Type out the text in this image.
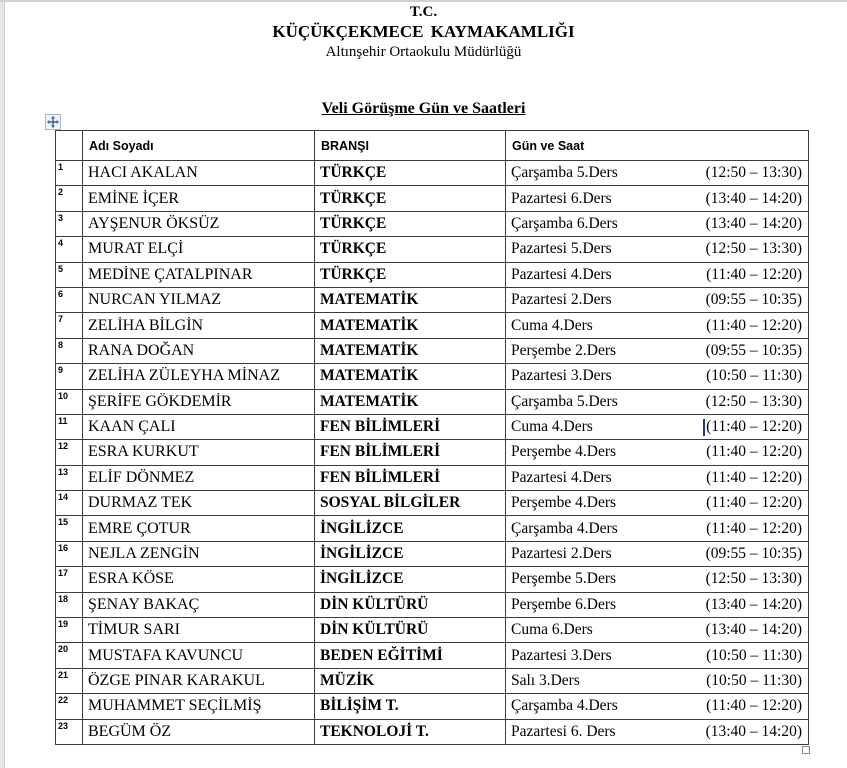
T.C.
KÜÇÜKÇEKMECE KAYMAKAMLIĞI
Altınşehir Ortaokulu Müdürlüğü
Veli Görüşme Gün ve Saatleri
	Adı Soyadı	BRANŞI	Gün ve Saat
1	HACI AKALAN	TÜRKÇE	Çarşamba 5.Ders (12:50 – 13:30)

2	EMİNE İÇER	TÜRKÇE	Pazartesi 6.Ders (13:40 – 14:20)

3	AYŞENUR ÖKSÜZ	TÜRKÇE	Çarşamba 6.Ders (13:40 – 14:20)

4	MURAT ELÇİ	TÜRKÇE	Pazartesi 5.Ders (12:50 – 13:30)

5	MEDİNE ÇATALPINAR	TÜRKÇE	Pazartesi 4.Ders (11:40 – 12:20)

6	NURCAN YILMAZ	MATEMATİK	Pazartesi 2.Ders (09:55 – 10:35)

7	ZELİHA BİLGİN	MATEMATİK	Cuma 4.Ders (11:40 – 12:20)

8	RANA DOĞAN	MATEMATİK	Perşembe 2.Ders (09:55 – 10:35)

9	ZELİHA ZÜLEYHA MİNAZ	MATEMATİK	Pazartesi 3.Ders (10:50 – 11:30)

10	ŞERİFE GÖKDEMİR	MATEMATİK	Çarşamba 5.Ders (12:50 – 13:30)

11	KAAN ÇALI	FEN BİLİMLERİ	Cuma 4.Ders (11:40 – 12:20)

12	ESRA KURKUT	FEN BİLİMLERİ	Perşembe 4.Ders (11:40 – 12:20)

13	ELİF DÖNMEZ	FEN BİLİMLERİ	Pazartesi 4.Ders (11:40 – 12:20)

14	DURMAZ TEK	SOSYAL BİLGİLER	Perşembe 4.Ders (11:40 – 12:20)

15	EMRE ÇOTUR	İNGİLİZCE	Çarşamba 4.Ders (11:40 – 12:20)

16	NEJLA ZENGİN	İNGİLİZCE	Pazartesi 2.Ders (09:55 – 10:35)

17	ESRA KÖSE	İNGİLİZCE	Perşembe 5.Ders (12:50 – 13:30)

18	ŞENAY BAKAÇ	DİN KÜLTÜRÜ	Perşembe 6.Ders (13:40 – 14:20)

19	TİMUR SARI	DİN KÜLTÜRÜ	Cuma 6.Ders (13:40 – 14:20)

20	MUSTAFA KAVUNCU	BEDEN EĞİTİMİ	Pazartesi 3.Ders (10:50 – 11:30)

21	ÖZGE PINAR KARAKUL	MÜZİK	Salı 3.Ders (10:50 – 11:30)

22	MUHAMMET SEÇİLMİŞ	BİLİŞİM T.	Çarşamba 4.Ders (11:40 – 12:20)

23	BEGÜM ÖZ	TEKNOLOJİ T.	Pazartesi 6. Ders (13:40 – 14:20)
